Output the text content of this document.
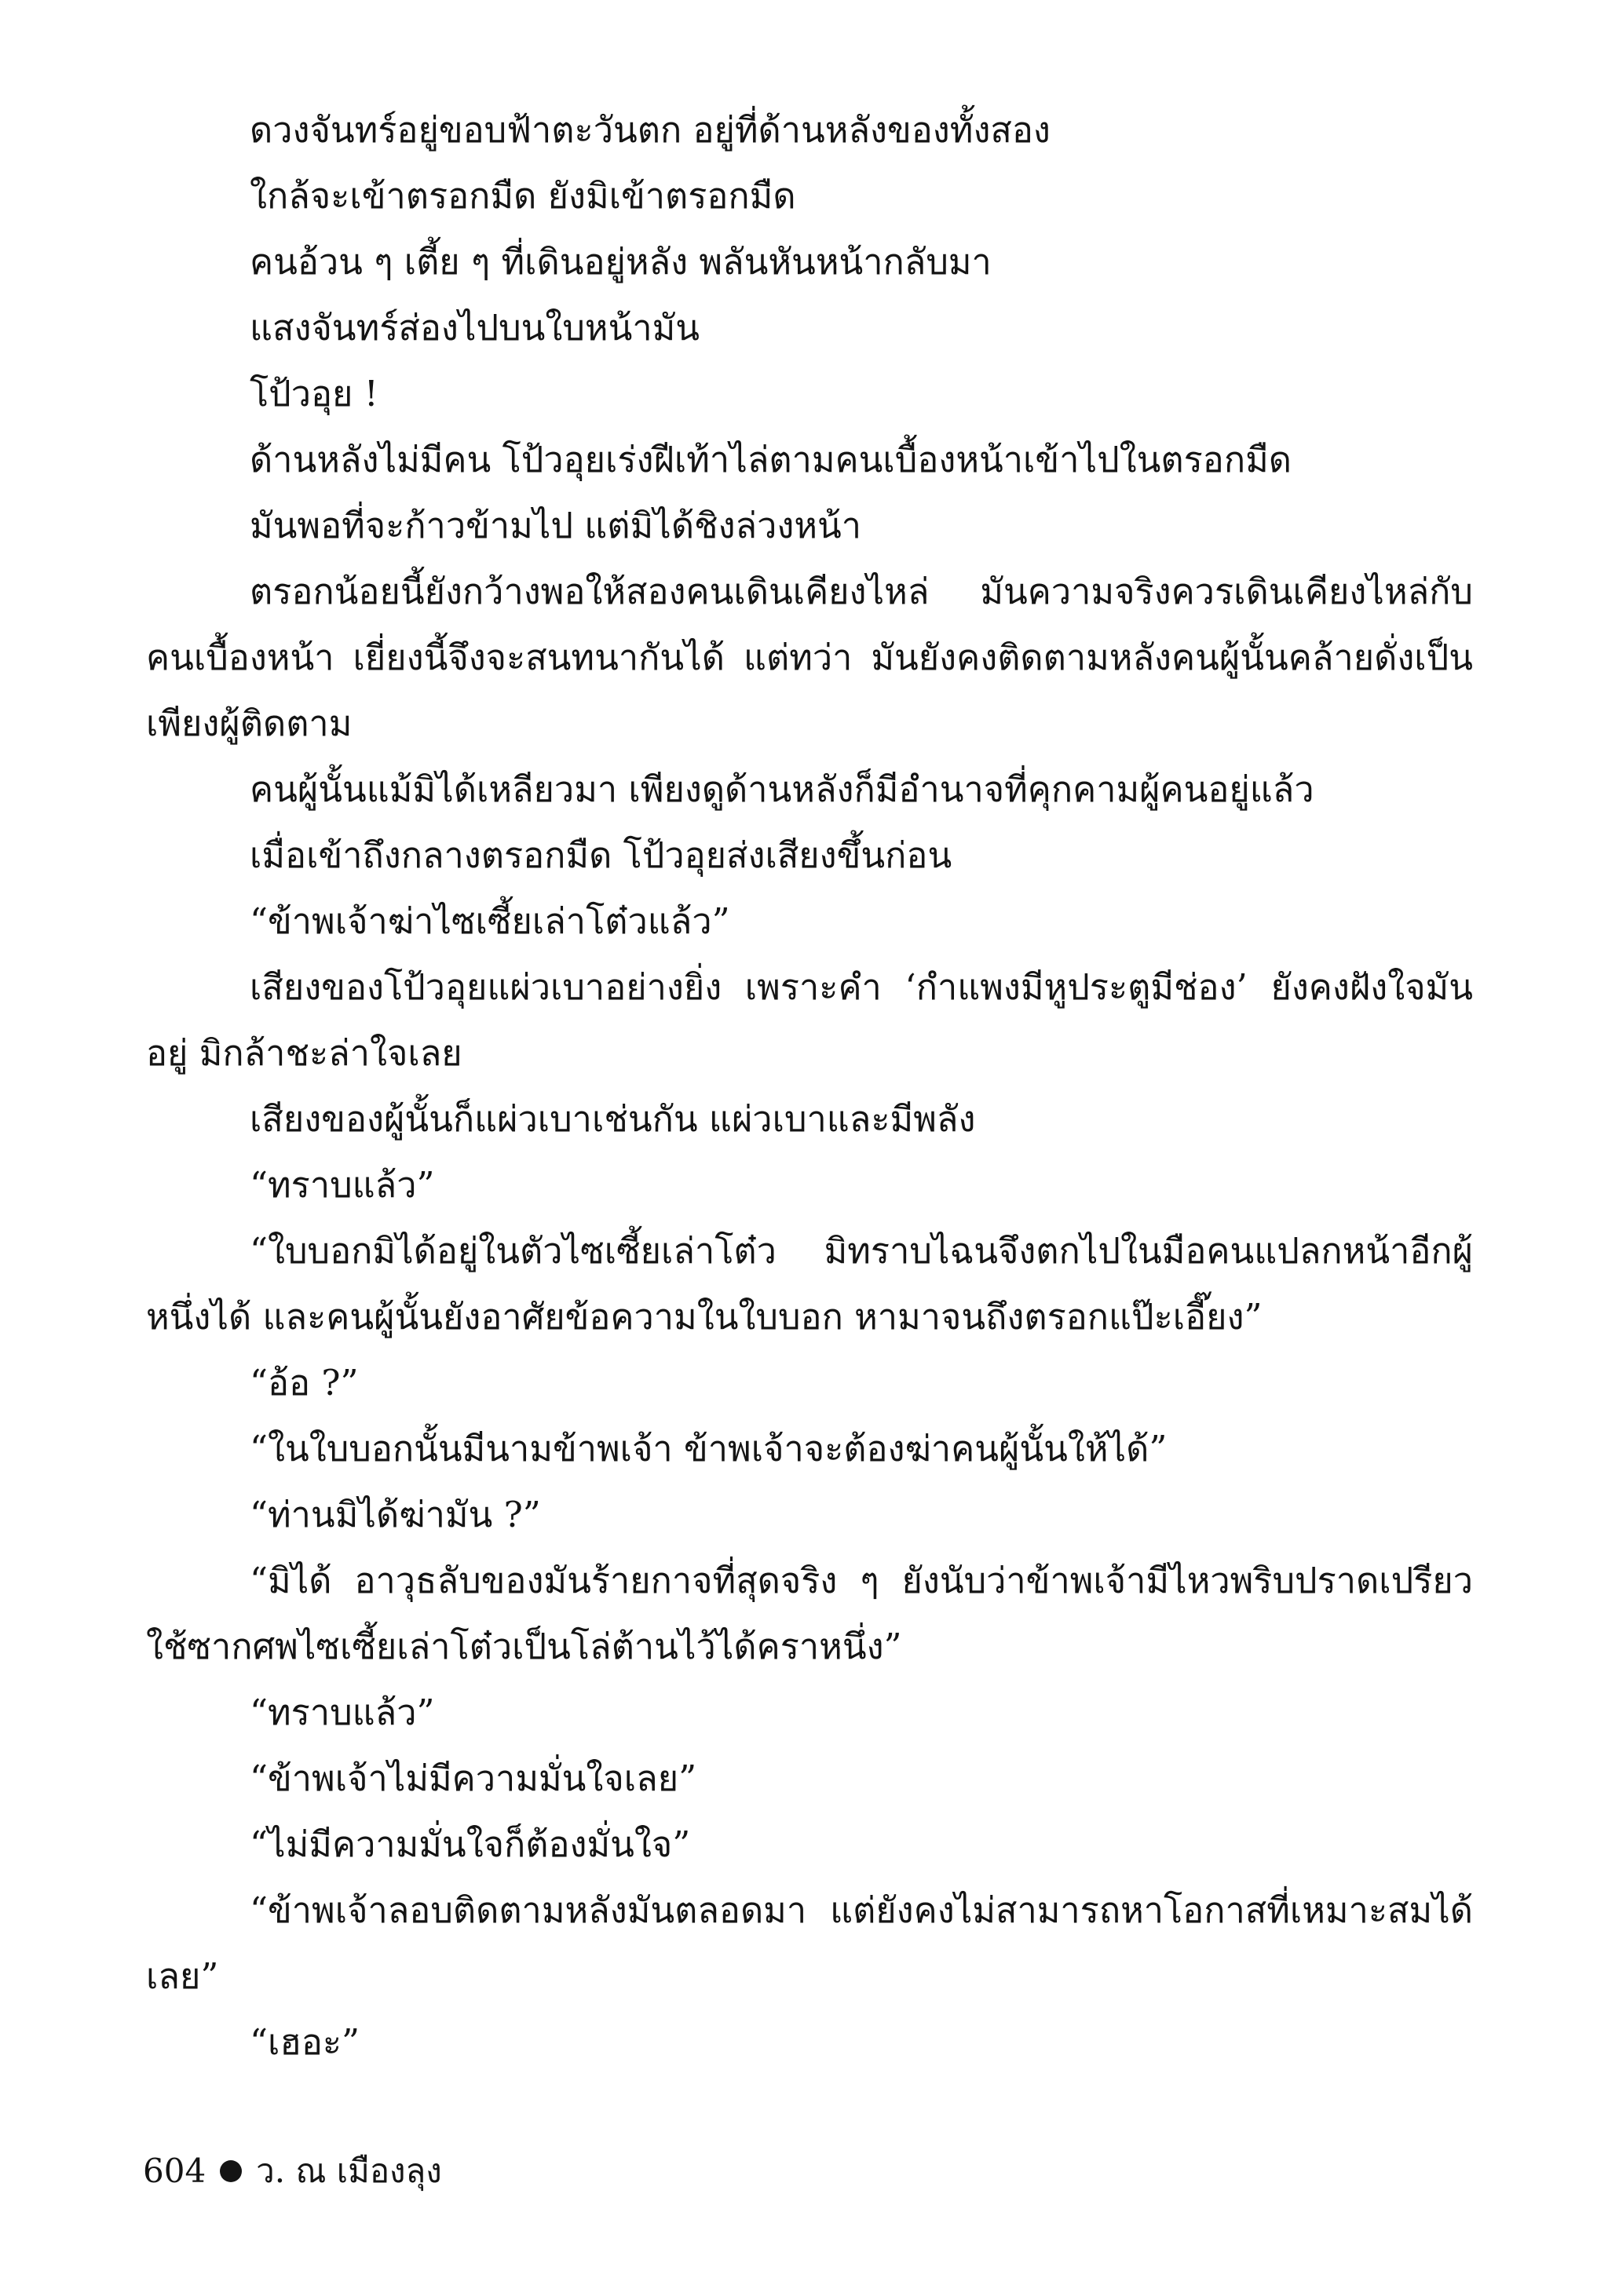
ดวงจันทร์อยู่ขอบฟ้าตะวันตก อยู่ที่ด้านหลังของทั้งสอง

ใกล้จะเข้าตรอกมืด ยังมิเข้าตรอกมืด

คนอ้วน ๆ เตี้ย ๆ ที่เดินอยู่หลัง พลันหันหน้ากลับมา

แสงจันทร์ส่องไปบนใบหน้ามัน

โป้วอุย !

ด้านหลังไม่มีคน โป้วอุยเร่งฝีเท้าไล่ตามคนเบื้องหน้าเข้าไปในตรอกมืด

มันพอที่จะก้าวข้ามไป แต่มิได้ชิงล่วงหน้า

ตรอกน้อยนี้ยังกว้างพอให้สองคนเดินเคียงไหล่ มันความจริงควรเดินเคียงไหล่กับคนเบื้องหน้า เยี่ยงนี้จึงจะสนทนากันได้ แต่ทว่า มันยังคงติดตามหลังคนผู้นั้นคล้ายดั่งเป็นเพียงผู้ติดตาม

คนผู้นั้นแม้มิได้เหลียวมา เพียงดูด้านหลังก็มีอำนาจที่คุกคามผู้คนอยู่แล้ว

เมื่อเข้าถึงกลางตรอกมืด โป้วอุยส่งเสียงขึ้นก่อน

“ข้าพเจ้าฆ่าไซเซี้ยเล่าโต๋วแล้ว”

เสียงของโป้วอุยแผ่วเบาอย่างยิ่ง เพราะคำ ‘กำแพงมีหูประตูมีช่อง’ ยังคงฝังใจมันอยู่ มิกล้าชะล่าใจเลย

เสียงของผู้นั้นก็แผ่วเบาเช่นกัน แผ่วเบาและมีพลัง

“ทราบแล้ว”

“ใบบอกมิได้อยู่ในตัวไซเซี้ยเล่าโต๋ว มิทราบไฉนจึงตกไปในมือคนแปลกหน้าอีกผู้หนึ่งได้ และคนผู้นั้นยังอาศัยข้อความในใบบอก หามาจนถึงตรอกแป๊ะเอี๊ยง”

“อ้อ ?”

“ในใบบอกนั้นมีนามข้าพเจ้า ข้าพเจ้าจะต้องฆ่าคนผู้นั้นให้ได้”

“ท่านมิได้ฆ่ามัน ?”

“มิได้ อาวุธลับของมันร้ายกาจที่สุดจริง ๆ ยังนับว่าข้าพเจ้ามีไหวพริบปราดเปรียวใช้ซากศพไซเซี้ยเล่าโต๋วเป็นโล่ต้านไว้ได้คราหนึ่ง”

“ทราบแล้ว”

“ข้าพเจ้าไม่มีความมั่นใจเลย”

“ไม่มีความมั่นใจก็ต้องมั่นใจ”

“ข้าพเจ้าลอบติดตามหลังมันตลอดมา แต่ยังคงไม่สามารถหาโอกาสที่เหมาะสมได้เลย”

“เฮอะ”

604 ว. ณ เมืองลุง
